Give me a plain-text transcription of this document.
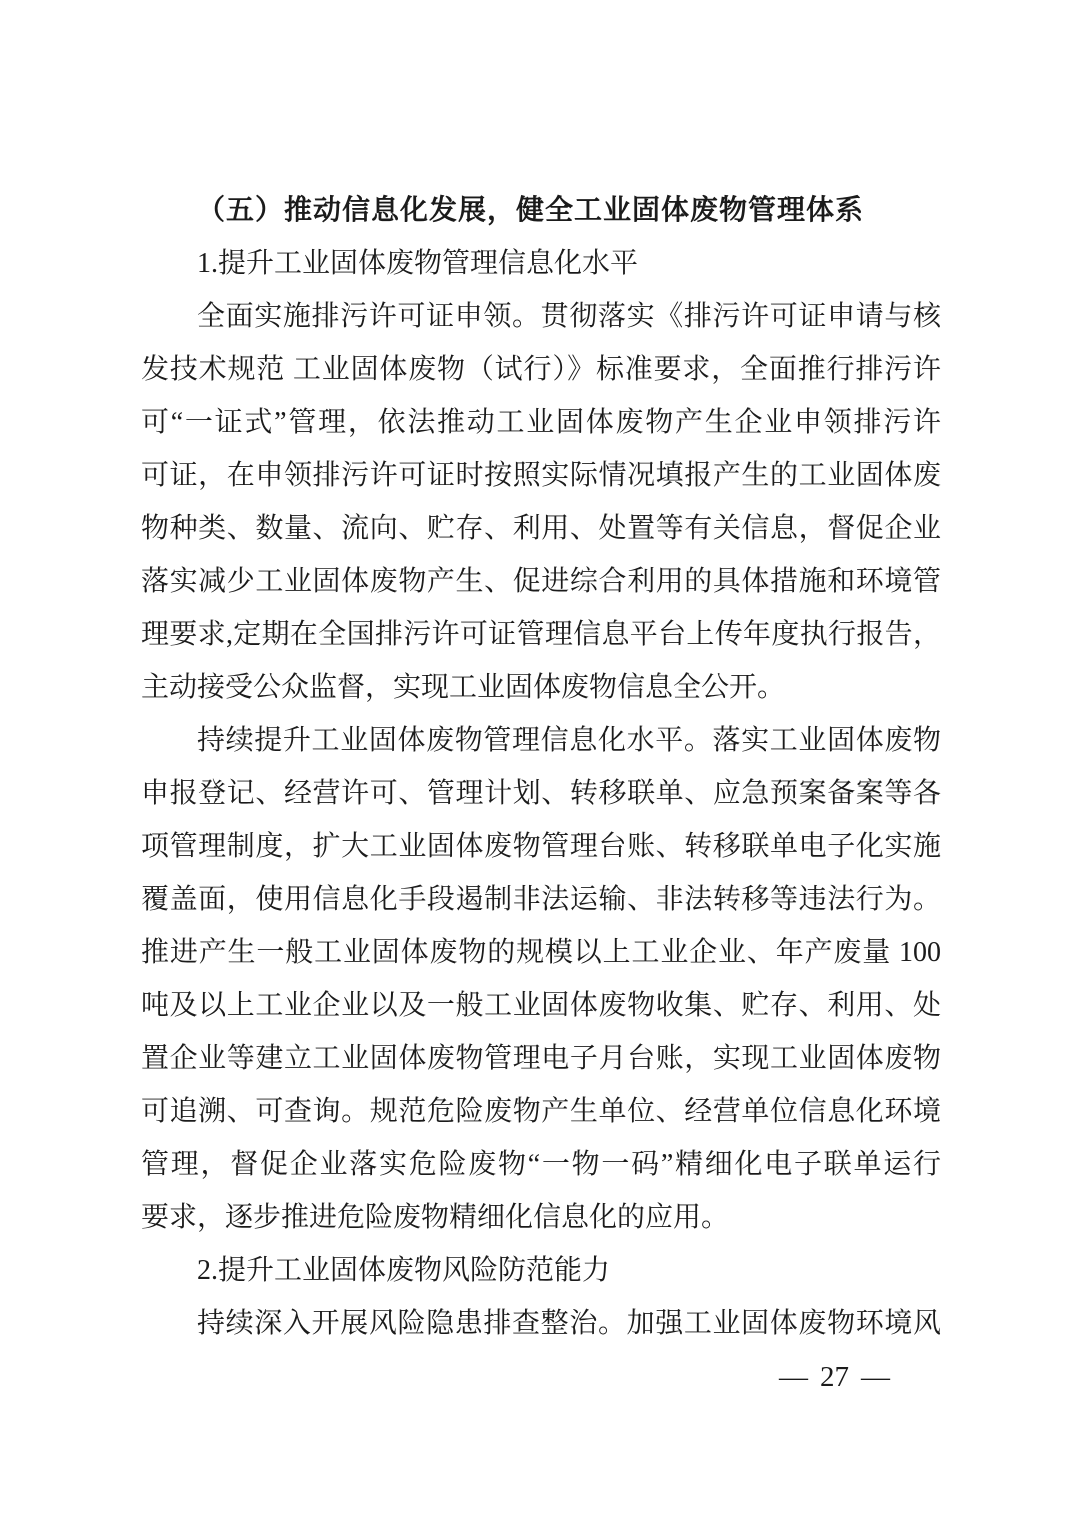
（五）推动信息化发展，健全工业固体废物管理体系
1.提升工业固体废物管理信息化水平
全面实施排污许可证申领。贯彻落实《排污许可证申请与核
发技术规范 工业固体废物（试行）》标准要求，全面推行排污许
可“一证式”管理，依法推动工业固体废物产生企业申领排污许
可证，在申领排污许可证时按照实际情况填报产生的工业固体废
物种类、数量、流向、贮存、利用、处置等有关信息，督促企业
落实减少工业固体废物产生、促进综合利用的具体措施和环境管
理要求,定期在全国排污许可证管理信息平台上传年度执行报告，
主动接受公众监督，实现工业固体废物信息全公开。
持续提升工业固体废物管理信息化水平。落实工业固体废物
申报登记、经营许可、管理计划、转移联单、应急预案备案等各
项管理制度，扩大工业固体废物管理台账、转移联单电子化实施
覆盖面，使用信息化手段遏制非法运输、非法转移等违法行为。
推进产生一般工业固体废物的规模以上工业企业、年产废量 100
吨及以上工业企业以及一般工业固体废物收集、贮存、利用、处
置企业等建立工业固体废物管理电子月台账，实现工业固体废物
可追溯、可查询。规范危险废物产生单位、经营单位信息化环境
管理，督促企业落实危险废物“一物一码”精细化电子联单运行
要求，逐步推进危险废物精细化信息化的应用。
2.提升工业固体废物风险防范能力
持续深入开展风险隐患排查整治。加强工业固体废物环境风
— 27 —
